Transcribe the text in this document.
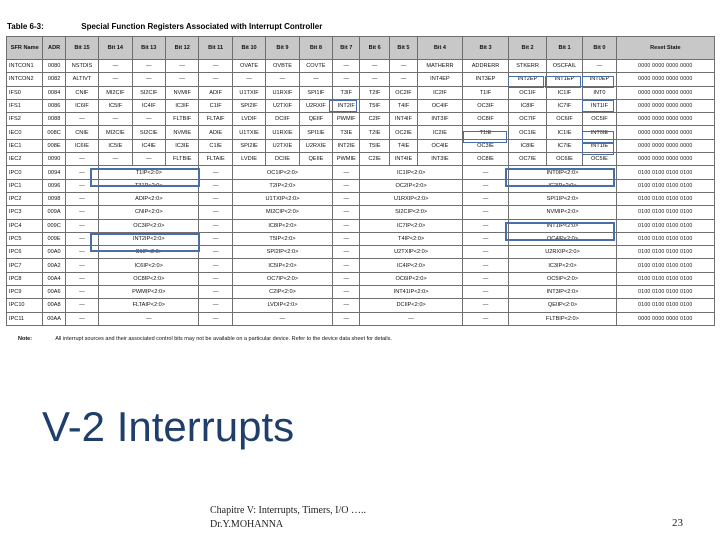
Table 6-3:	Special Function Registers Associated with Interrupt Controller
SFR Name	ADR	Bit 15	Bit 14	Bit 13	Bit 12	Bit 11	Bit 10	Bit 9	Bit 8	Bit 7	Bit 6	Bit 5	Bit 4	Bit 3	Bit 2	Bit 1	Bit 0	Reset State
INTCON1	0080	NSTDIS	—	—	—	—	OVATE	OVBTE	COVTE	—	—	—	MATHERR	ADDRERR	STKERR	OSCFAIL	—	0000 0000 0000 0000
INTCON2	0082	ALTIVT	—	—	—	—	—	—	—	—	—	—	INT4EP	INT3EP	INT2EP	INT1EP	INT0EP	0000 0000 0000 0000
IFS0	0084	CNIF	MI2CIF	SI2CIF	NVMIF	ADIF	U1TXIF	U1RXIF	SPI1IF	T3IF	T2IF	OC2IF	IC2IF	T1IF	OC1IF	IC1IF	INT0	0000 0000 0000 0000
IFS1	0086	IC6IF	IC5IF	IC4IF	IC3IF	C1IF	SPI2IF	U2TXIF	U2RXIF	INT2IF	T5IF	T4IF	OC4IF	OC3IF	IC8IF	IC7IF	INT1IF	0000 0000 0000 0000
IFS2	0088	—	—	—	FLTBIF	FLTAIF	LVDIF	DCIIF	QEIIF	PWMIF	C2IF	INT4IF	INT3IF	OC8IF	OC7IF	OC6IF	OC5IF	0000 0000 0000 0000
IEC0	008C	CNIE	MI2CIE	SI2CIE	NVMIE	ADIE	U1TXIE	U1RXIE	SPI1IE	T3IE	T2IE	OC2IE	IC2IE	T1IE	OC1IE	IC1IE	INT0IE	0000 0000 0000 0000
IEC1	008E	IC6IE	IC5IE	IC4IE	IC3IE	C1IE	SPI2IE	U2TXIE	U2RXIE	INT2IE	T5IE	T4IE	OC4IE	OC3IE	IC8IE	IC7IE	INT1IE	0000 0000 0000 0000
IEC2	0090	—	—	—	FLTBIE	FLTAIE	LVDIE	DCIIE	QEIIE	PWMIE	C2IE	INT4IE	INT3IE	OC8IE	OC7IE	OC6IE	OC5IE	0000 0000 0000 0000
IPC0	0094	—	T1IP<2:0>			—	OC1IP<2:0>			—	IC1IP<2:0>			—	INT0IP<2:0>			0100 0100 0100 0100
IPC1	0096	—	T31P<2:0>			—	T2IP<2:0>			—	OC2IP<2:0>			—	IC2IP<2:0>			0100 0100 0100 0100
IPC2	0098	—	ADIP<2:0>			—	U1TXIP<2:0>			—	U1RXIP<2:0>			—	SPI1IP<2:0>			0100 0100 0100 0100
IPC3	009A	—	CNIP<2:0>			—	MI2CIP<2:0>			—	SI2CIP<2:0>			—	NVMIP<2:0>			0100 0100 0100 0100
IPC4	009C	—	OC3IP<2:0>			—	IC8IP<2:0>			—	IC7IP<2:0>			—	INT1IP<2:0>			0100 0100 0100 0100
IPC5	009E	—	INT2IP<2:0>			—	T5IP<2:0>			—	T4IP<2:0>			—	OC4IP<2:0>			0100 0100 0100 0100
IPC6	00A0	—	C1IP<2:0>			—	SPI2IP<2:0>			—	U2TXIP<2:0>			—	U2RXIP<2:0>			0100 0100 0100 0100
IPC7	00A2	—	IC6IP<2:0>			—	IC5IP<2:0>			—	IC4IP<2:0>			—	IC3IP<2:0>			0100 0100 0100 0100
IPC8	00A4	—	OC8IP<2:0>			—	OC7IP<2:0>			—	OC6IP<2:0>			—	OC5IP<2:0>			0100 0100 0100 0100
IPC9	00A6	—	PWMIP<2:0>			—	C2IP<2:0>			—	INT41IP<2:0>			—	INT3IP<2:0>			0100 0100 0100 0100
IPC10	00A8	—	FLTAIP<2:0>			—	LVDIP<2:0>			—	DCIIP<2:0>			—	QEIIP<2:0>			0100 0100 0100 0100
IPC11	00AA	—	—			—	—			—	—			—	FLTBIP<2:0>			0000 0000 0000 0100
Note:	All interrupt sources and their associated control bits may not be available on a particular device. Refer to the device data sheet for details.
V-2 Interrupts
Chapitre V: Interrupts, Timers, I/O …..
Dr.Y.MOHANNA	23
